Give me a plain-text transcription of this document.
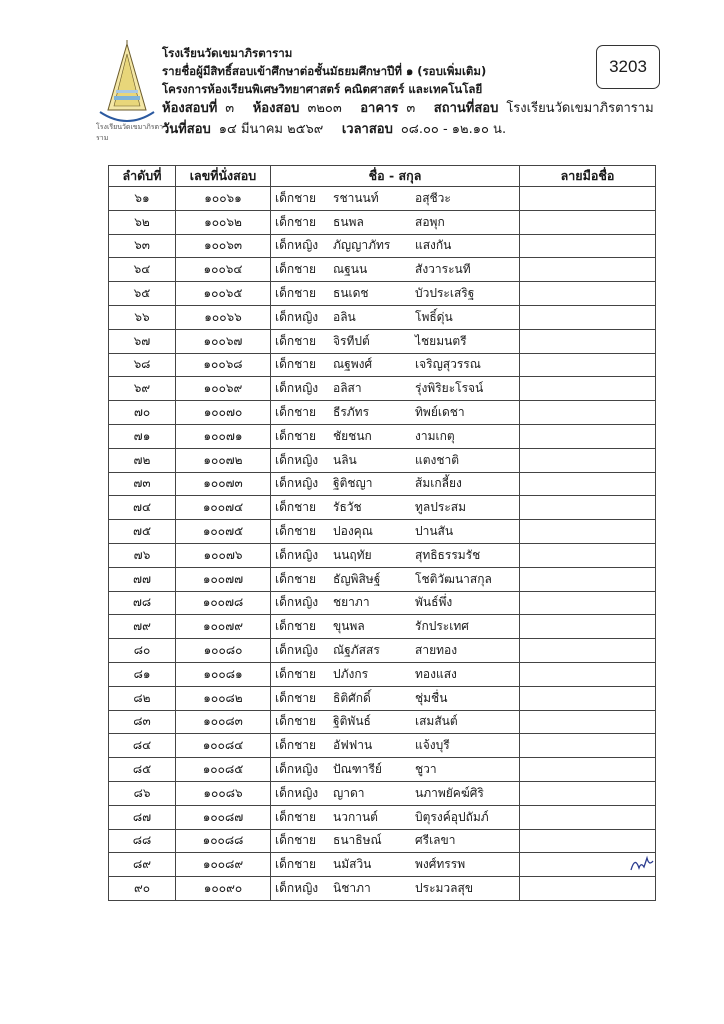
โรงเรียนวัดเขมาภิรตาราม
โรงเรียนวัดเขมาภิรตาราม
รายชื่อผู้มีสิทธิ์สอบเข้าศึกษาต่อชั้นมัธยมศึกษาปีที่ ๑ (รอบเพิ่มเติม)
โครงการห้องเรียนพิเศษวิทยาศาสตร์ คณิตศาสตร์ และเทคโนโลยี
ห้องสอบที่ ๓ ห้องสอบ ๓๒๐๓ อาคาร ๓ สถานที่สอบ โรงเรียนวัดเขมาภิรตาราม
วันที่สอบ ๑๔ มีนาคม ๒๕๖๙ เวลาสอบ ๐๘.๐๐ - ๑๒.๑๐ น.
3203
ลำดับที่	เลขที่นั่งสอบ	ชื่อ - สกุล	ลายมือชื่อ
๖๑	๑๐๐๖๑	เด็กชาย รชานนท์ อสุชีวะ	
๖๒	๑๐๐๖๒	เด็กชาย ธนพล สอพุก	
๖๓	๑๐๐๖๓	เด็กหญิง ภัญญาภัทร แสงกัน	
๖๔	๑๐๐๖๔	เด็กชาย ณฐนน สังวาระนที	
๖๕	๑๐๐๖๕	เด็กชาย ธนเดช บัวประเสริฐ	
๖๖	๑๐๐๖๖	เด็กหญิง อลิน โพธิ์ดุ่น	
๖๗	๑๐๐๖๗	เด็กชาย จิรทีปต์ ไชยมนตรี	
๖๘	๑๐๐๖๘	เด็กชาย ณฐพงศ์ เจริญสุวรรณ	
๖๙	๑๐๐๖๙	เด็กหญิง อลิสา รุ่งพิริยะโรจน์	
๗๐	๑๐๐๗๐	เด็กชาย ธีรภัทร ทิพย์เดชา	
๗๑	๑๐๐๗๑	เด็กชาย ชัยชนก งามเกตุ	
๗๒	๑๐๐๗๒	เด็กหญิง นลิน แตงชาติ	
๗๓	๑๐๐๗๓	เด็กหญิง ฐิติชญา ส้มเกลี้ยง	
๗๔	๑๐๐๗๔	เด็กชาย รัธวัช ทูลประสม	
๗๕	๑๐๐๗๕	เด็กชาย ปองคุณ ปานสัน	
๗๖	๑๐๐๗๖	เด็กหญิง นนฤทัย สุทธิธรรมรัช	
๗๗	๑๐๐๗๗	เด็กชาย ธัญพิสิษฐ์ โชติวัฒนาสกุล	
๗๘	๑๐๐๗๘	เด็กหญิง ชยาภา พันธ์พึ่ง	
๗๙	๑๐๐๗๙	เด็กชาย ขุนพล รักประเทศ	
๘๐	๑๐๐๘๐	เด็กหญิง ณัฐภัสสร สายทอง	
๘๑	๑๐๐๘๑	เด็กชาย ปภังกร ทองแสง	
๘๒	๑๐๐๘๒	เด็กชาย ธิติศักดิ์ ชุ่มชื่น	
๘๓	๑๐๐๘๓	เด็กชาย ฐิติพันธ์ เสมสันต์	
๘๔	๑๐๐๘๔	เด็กชาย อัฟฟาน แจ้งบุรี	
๘๕	๑๐๐๘๕	เด็กหญิง ปัณฑารีย์ ชูวา	
๘๖	๑๐๐๘๖	เด็กหญิง ญาดา นภาพยัคฆ์ศิริ	
๘๗	๑๐๐๘๗	เด็กชาย นวกานต์ บิตุรงค์อุปถัมภ์	
๘๘	๑๐๐๘๘	เด็กชาย ธนาธิษณ์ ศรีเลขา	
๘๙	๑๐๐๘๙	เด็กชาย นมัสวิน พงศ์ทรรพ	
๙๐	๑๐๐๙๐	เด็กหญิง นิชาภา ประมวลสุข	
